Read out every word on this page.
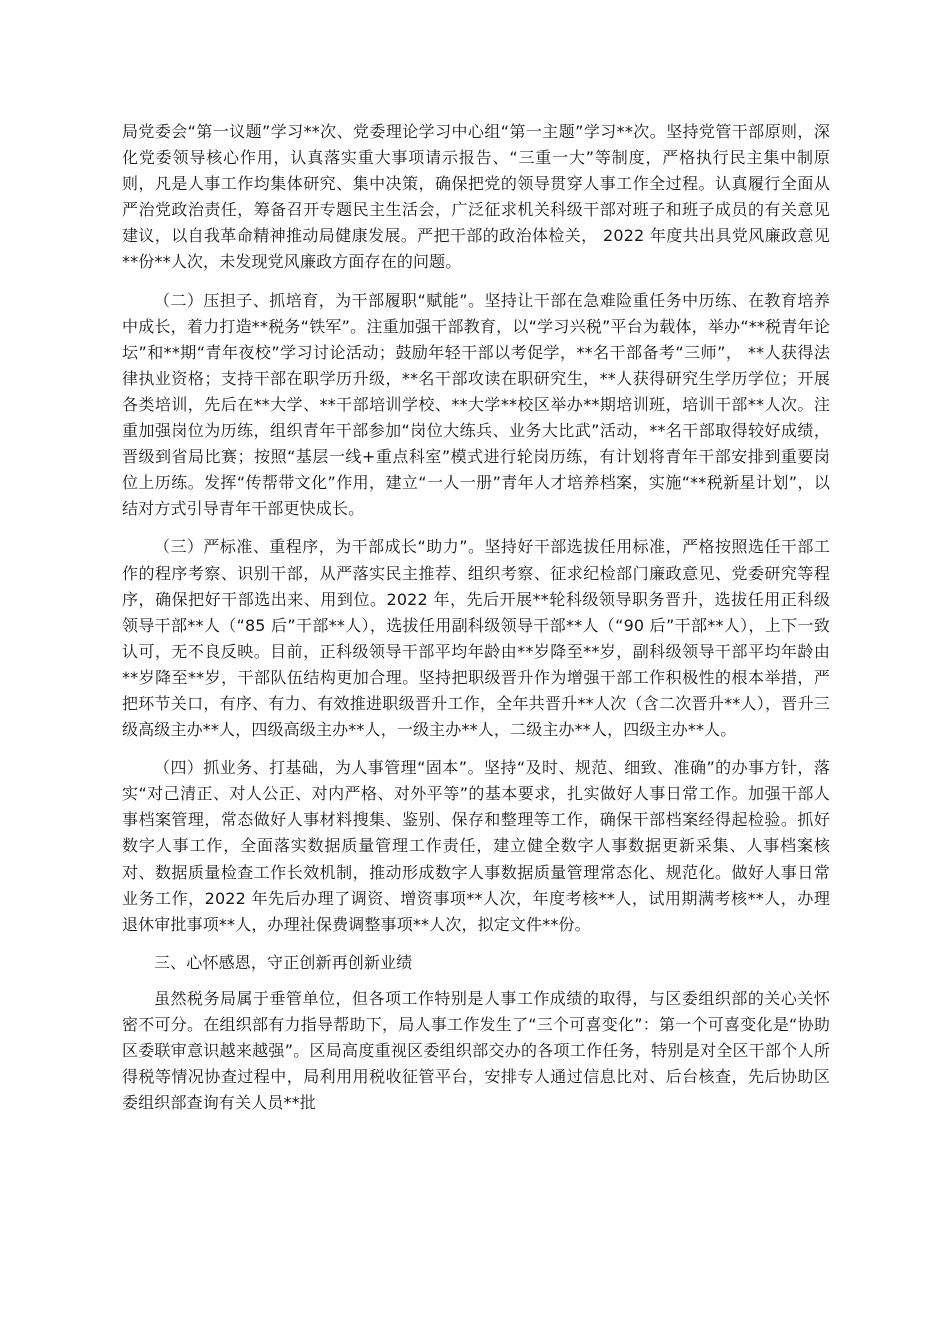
局党委会“第一议题”学习**次、党委理论学习中心组“第一主题”学习**次。坚持党管干部原则，深化党委领导核心作用，认真落实重大事项请示报告、“三重一大”等制度，严格执行民主集中制原则，凡是人事工作均集体研究、集中决策，确保把党的领导贯穿人事工作全过程。认真履行全面从严治党政治责任，筹备召开专题民主生活会，广泛征求机关科级干部对班子和班子成员的有关意见建议，以自我革命精神推动局健康发展。严把干部的政治体检关， 2022 年度共出具党风廉政意见**份**人次，未发现党风廉政方面存在的问题。

（二）压担子、抓培育，为干部履职“赋能”。坚持让干部在急难险重任务中历练、在教育培养中成长，着力打造**税务“铁军”。注重加强干部教育，以“学习兴税”平台为载体，举办“**税青年论坛”和**期“青年夜校”学习讨论活动；鼓励年轻干部以考促学，**名干部备考“三师”， **人获得法律执业资格；支持干部在职学历升级，**名干部攻读在职研究生，**人获得研究生学历学位；开展各类培训，先后在**大学、**干部培训学校、**大学**校区举办**期培训班，培训干部**人次。注重加强岗位为历练，组织青年干部参加“岗位大练兵、业务大比武”活动，**名干部取得较好成绩，晋级到省局比赛；按照“基层一线+重点科室”模式进行轮岗历练，有计划将青年干部安排到重要岗位上历练。发挥“传帮带文化”作用，建立“一人一册”青年人才培养档案，实施“**税新星计划”，以结对方式引导青年干部更快成长。

（三）严标准、重程序，为干部成长“助力”。坚持好干部选拔任用标准，严格按照选任干部工作的程序考察、识别干部，从严落实民主推荐、组织考察、征求纪检部门廉政意见、党委研究等程序，确保把好干部选出来、用到位。2022 年，先后开展**轮科级领导职务晋升，选拔任用正科级领导干部**人（“85 后”干部**人），选拔任用副科级领导干部**人（“90 后”干部**人），上下一致认可，无不良反映。目前，正科级领导干部平均年龄由**岁降至**岁，副科级领导干部平均年龄由**岁降至**岁，干部队伍结构更加合理。坚持把职级晋升作为增强干部工作积极性的根本举措，严把环节关口，有序、有力、有效推进职级晋升工作，全年共晋升**人次（含二次晋升**人），晋升三级高级主办**人，四级高级主办**人，一级主办**人，二级主办**人，四级主办**人。

（四）抓业务、打基础，为人事管理“固本”。坚持“及时、规范、细致、准确”的办事方针，落实“对己清正、对人公正、对内严格、对外平等”的基本要求，扎实做好人事日常工作。加强干部人事档案管理，常态做好人事材料搜集、鉴别、保存和整理等工作，确保干部档案经得起检验。抓好数字人事工作，全面落实数据质量管理工作责任，建立健全数字人事数据更新采集、人事档案核对、数据质量检查工作长效机制，推动形成数字人事数据质量管理常态化、规范化。做好人事日常业务工作，2022 年先后办理了调资、增资事项**人次，年度考核**人，试用期满考核**人，办理退休审批事项**人，办理社保费调整事项**人次，拟定文件**份。

三、心怀感恩，守正创新再创新业绩

虽然税务局属于垂管单位，但各项工作特别是人事工作成绩的取得，与区委组织部的关心关怀密不可分。在组织部有力指导帮助下，局人事工作发生了“三个可喜变化”：第一个可喜变化是“协助区委联审意识越来越强”。区局高度重视区委组织部交办的各项工作任务，特别是对全区干部个人所得税等情况协查过程中，局利用用税收征管平台，安排专人通过信息比对、后台核查，先后协助区委组织部查询有关人员**批
